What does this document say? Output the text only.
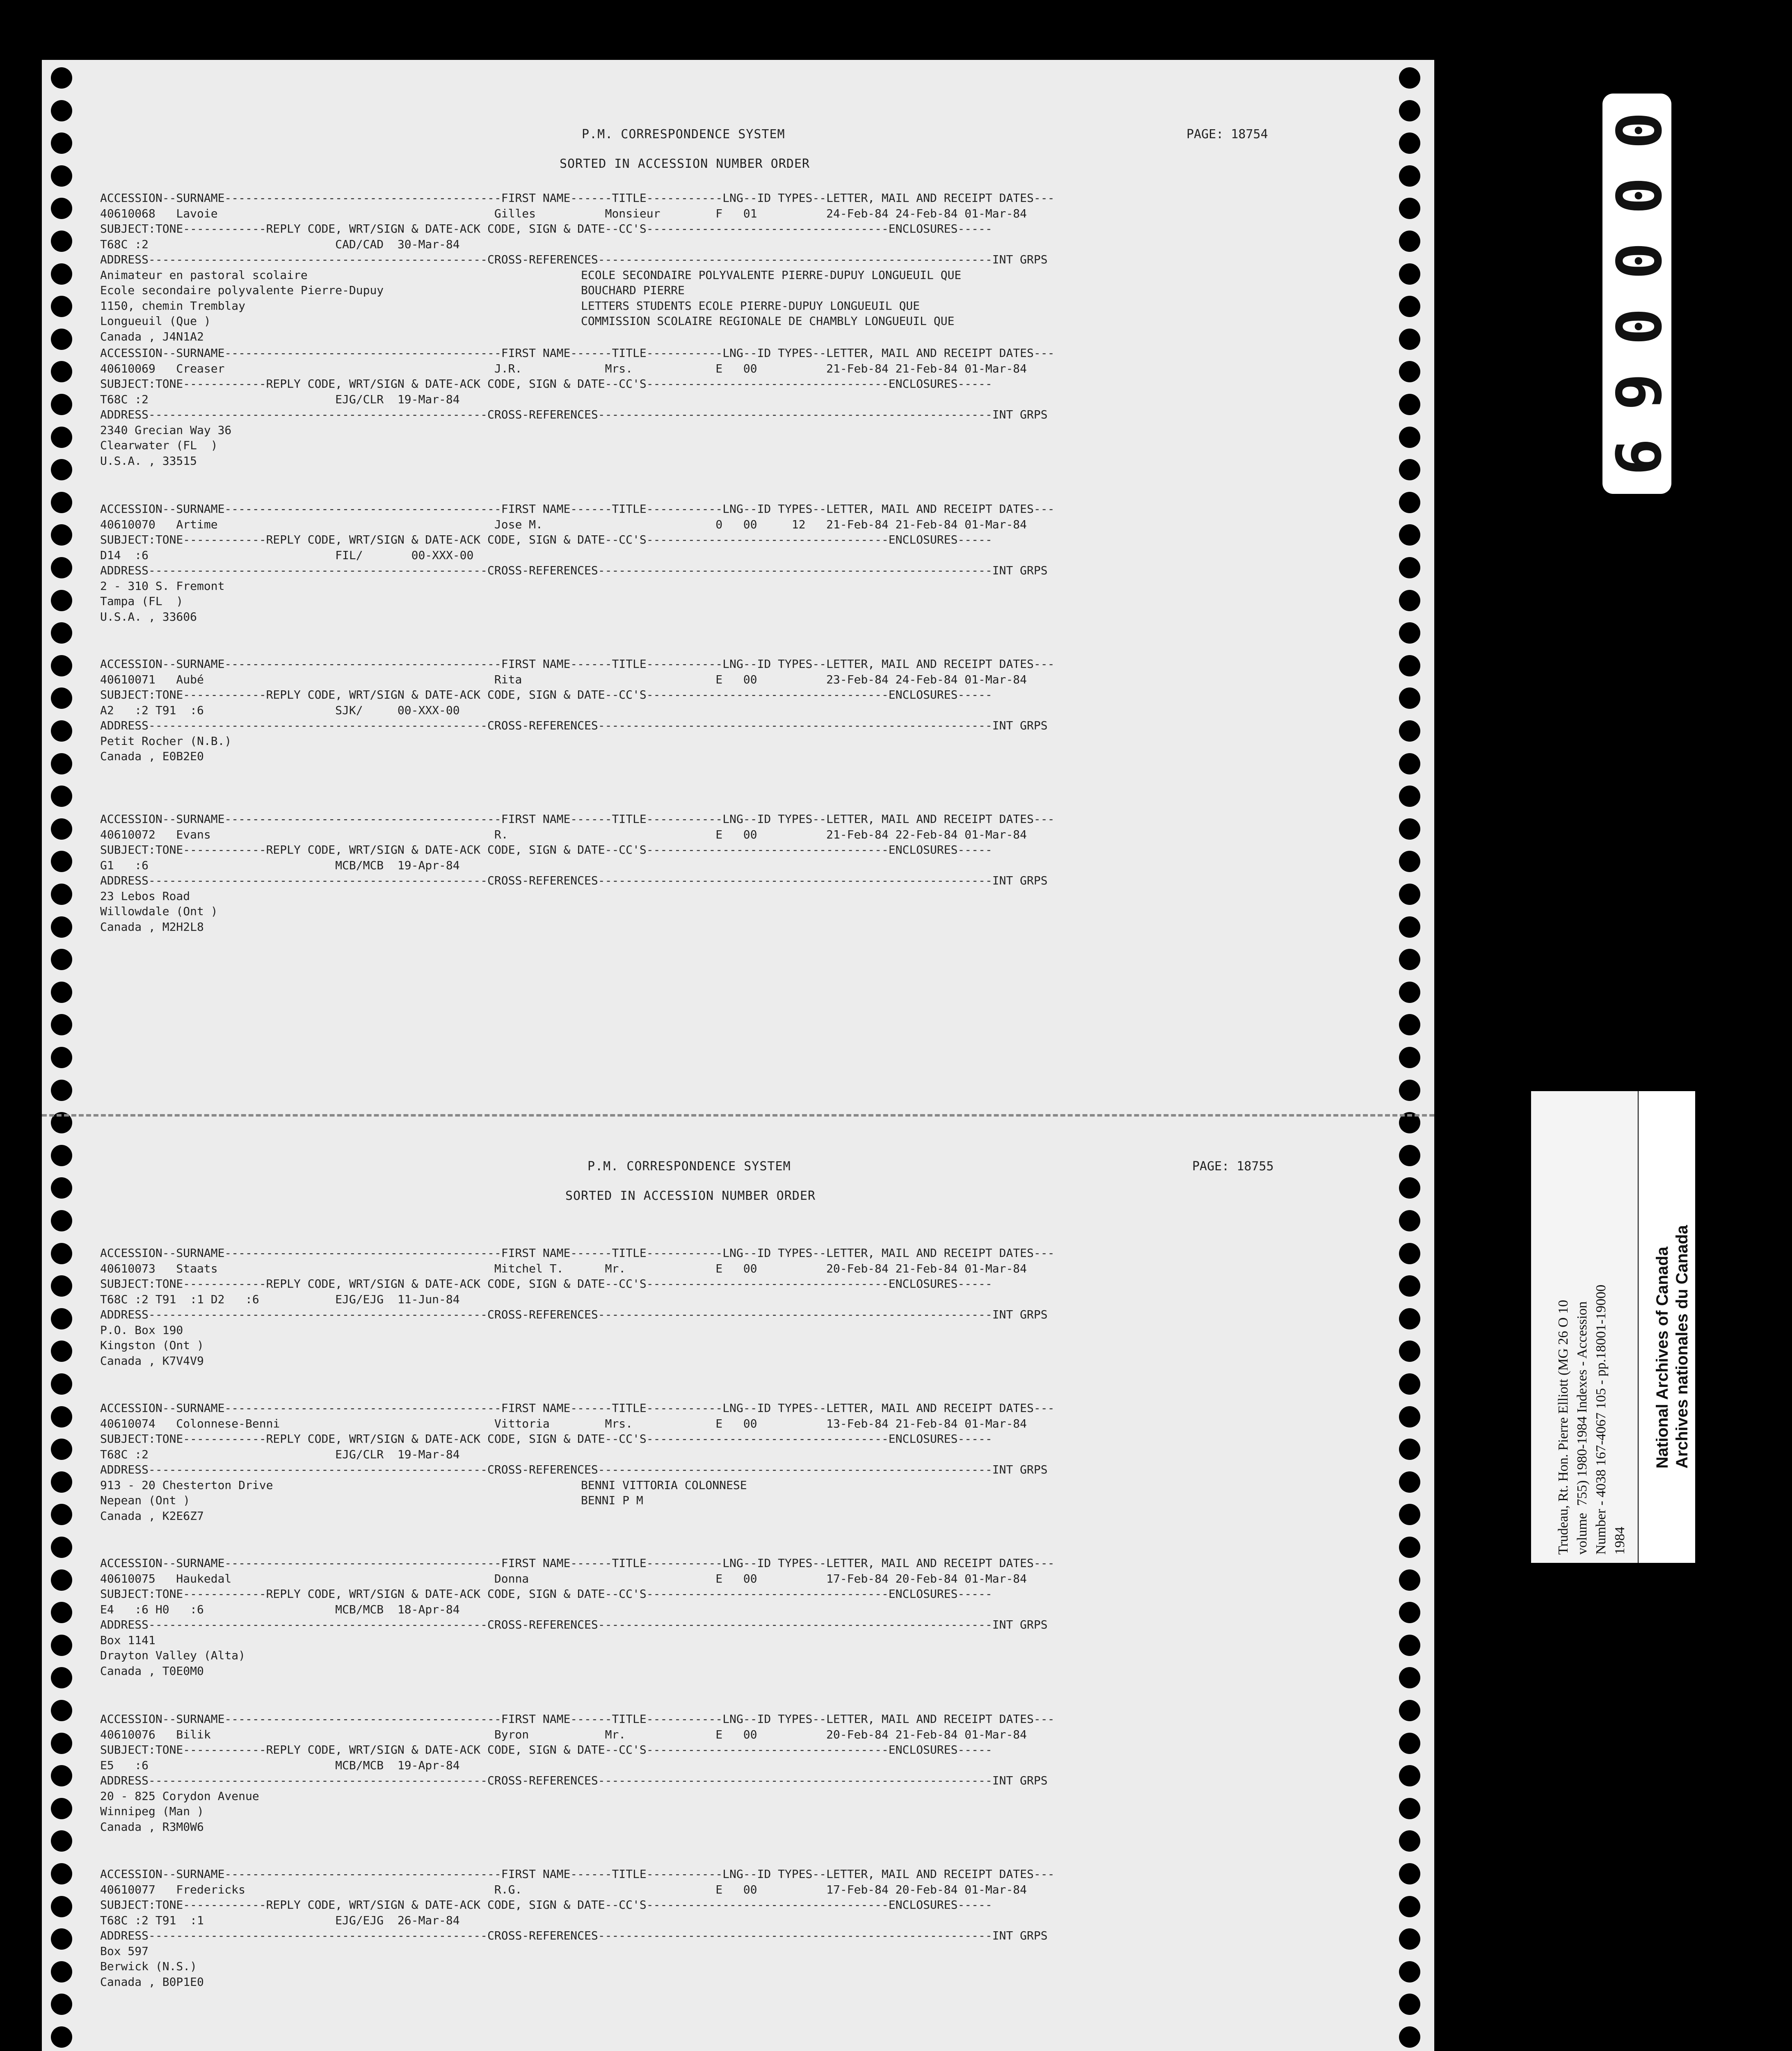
P.M. CORRESPONDENCE SYSTEM	PAGE: 18754
SORTED IN ACCESSION NUMBER ORDER
ACCESSION--SURNAME----------------------------------------FIRST NAME------TITLE-----------LNG--ID TYPES--LETTER, MAIL AND RECEIPT DATES---
40610068   Lavoie                                        Gilles          Monsieur        F   01          24-Feb-84 24-Feb-84 01-Mar-84
SUBJECT:TONE------------REPLY CODE, WRT/SIGN & DATE-ACK CODE, SIGN & DATE--CC'S-----------------------------------ENCLOSURES-----
T68C :2                           CAD/CAD  30-Mar-84
ADDRESS-------------------------------------------------CROSS-REFERENCES---------------------------------------------------------INT GRPS
Animateur en pastoral scolaire
Ecole secondaire polyvalente Pierre-Dupuy
1150, chemin Tremblay
Longueuil (Que )
Canada , J4N1A2
ECOLE SECONDAIRE POLYVALENTE PIERRE-DUPUY LONGUEUIL QUE
BOUCHARD PIERRE
LETTERS STUDENTS ECOLE PIERRE-DUPUY LONGUEUIL QUE
COMMISSION SCOLAIRE REGIONALE DE CHAMBLY LONGUEUIL QUE
ACCESSION--SURNAME----------------------------------------FIRST NAME------TITLE-----------LNG--ID TYPES--LETTER, MAIL AND RECEIPT DATES---
40610069   Creaser                                       J.R.            Mrs.            E   00          21-Feb-84 21-Feb-84 01-Mar-84
SUBJECT:TONE------------REPLY CODE, WRT/SIGN & DATE-ACK CODE, SIGN & DATE--CC'S-----------------------------------ENCLOSURES-----
T68C :2                           EJG/CLR  19-Mar-84
ADDRESS-------------------------------------------------CROSS-REFERENCES---------------------------------------------------------INT GRPS
2340 Grecian Way 36
Clearwater (FL  )
U.S.A. , 33515
ACCESSION--SURNAME----------------------------------------FIRST NAME------TITLE-----------LNG--ID TYPES--LETTER, MAIL AND RECEIPT DATES---
40610070   Artime                                        Jose M.                         0   00     12   21-Feb-84 21-Feb-84 01-Mar-84
SUBJECT:TONE------------REPLY CODE, WRT/SIGN & DATE-ACK CODE, SIGN & DATE--CC'S-----------------------------------ENCLOSURES-----
D14  :6                           FIL/       00-XXX-00
ADDRESS-------------------------------------------------CROSS-REFERENCES---------------------------------------------------------INT GRPS
2 - 310 S. Fremont
Tampa (FL  )
U.S.A. , 33606
ACCESSION--SURNAME----------------------------------------FIRST NAME------TITLE-----------LNG--ID TYPES--LETTER, MAIL AND RECEIPT DATES---
40610071   Aubé                                          Rita                            E   00          23-Feb-84 24-Feb-84 01-Mar-84
SUBJECT:TONE------------REPLY CODE, WRT/SIGN & DATE-ACK CODE, SIGN & DATE--CC'S-----------------------------------ENCLOSURES-----
A2   :2 T91  :6                   SJK/     00-XXX-00
ADDRESS-------------------------------------------------CROSS-REFERENCES---------------------------------------------------------INT GRPS
Petit Rocher (N.B.)
Canada , E0B2E0
ACCESSION--SURNAME----------------------------------------FIRST NAME------TITLE-----------LNG--ID TYPES--LETTER, MAIL AND RECEIPT DATES---
40610072   Evans                                         R.                              E   00          21-Feb-84 22-Feb-84 01-Mar-84
SUBJECT:TONE------------REPLY CODE, WRT/SIGN & DATE-ACK CODE, SIGN & DATE--CC'S-----------------------------------ENCLOSURES-----
G1   :6                           MCB/MCB  19-Apr-84
ADDRESS-------------------------------------------------CROSS-REFERENCES---------------------------------------------------------INT GRPS
23 Lebos Road
Willowdale (Ont )
Canada , M2H2L8
P.M. CORRESPONDENCE SYSTEM	PAGE: 18755
SORTED IN ACCESSION NUMBER ORDER
ACCESSION--SURNAME----------------------------------------FIRST NAME------TITLE-----------LNG--ID TYPES--LETTER, MAIL AND RECEIPT DATES---
40610073   Staats                                        Mitchel T.      Mr.             E   00          20-Feb-84 21-Feb-84 01-Mar-84
SUBJECT:TONE------------REPLY CODE, WRT/SIGN & DATE-ACK CODE, SIGN & DATE--CC'S-----------------------------------ENCLOSURES-----
T68C :2 T91  :1 D2   :6           EJG/EJG  11-Jun-84
ADDRESS-------------------------------------------------CROSS-REFERENCES---------------------------------------------------------INT GRPS
P.O. Box 190
Kingston (Ont )
Canada , K7V4V9
ACCESSION--SURNAME----------------------------------------FIRST NAME------TITLE-----------LNG--ID TYPES--LETTER, MAIL AND RECEIPT DATES---
40610074   Colonnese-Benni                               Vittoria        Mrs.            E   00          13-Feb-84 21-Feb-84 01-Mar-84
SUBJECT:TONE------------REPLY CODE, WRT/SIGN & DATE-ACK CODE, SIGN & DATE--CC'S-----------------------------------ENCLOSURES-----
T68C :2                           EJG/CLR  19-Mar-84
ADDRESS-------------------------------------------------CROSS-REFERENCES---------------------------------------------------------INT GRPS
913 - 20 Chesterton Drive
Nepean (Ont )
Canada , K2E6Z7
BENNI VITTORIA COLONNESE
BENNI P M
ACCESSION--SURNAME----------------------------------------FIRST NAME------TITLE-----------LNG--ID TYPES--LETTER, MAIL AND RECEIPT DATES---
40610075   Haukedal                                      Donna                           E   00          17-Feb-84 20-Feb-84 01-Mar-84
SUBJECT:TONE------------REPLY CODE, WRT/SIGN & DATE-ACK CODE, SIGN & DATE--CC'S-----------------------------------ENCLOSURES-----
E4   :6 H0   :6                   MCB/MCB  18-Apr-84
ADDRESS-------------------------------------------------CROSS-REFERENCES---------------------------------------------------------INT GRPS
Box 1141
Drayton Valley (Alta)
Canada , T0E0M0
ACCESSION--SURNAME----------------------------------------FIRST NAME------TITLE-----------LNG--ID TYPES--LETTER, MAIL AND RECEIPT DATES---
40610076   Bilik                                         Byron           Mr.             E   00          20-Feb-84 21-Feb-84 01-Mar-84
SUBJECT:TONE------------REPLY CODE, WRT/SIGN & DATE-ACK CODE, SIGN & DATE--CC'S-----------------------------------ENCLOSURES-----
E5   :6                           MCB/MCB  19-Apr-84
ADDRESS-------------------------------------------------CROSS-REFERENCES---------------------------------------------------------INT GRPS
20 - 825 Corydon Avenue
Winnipeg (Man )
Canada , R3M0W6
ACCESSION--SURNAME----------------------------------------FIRST NAME------TITLE-----------LNG--ID TYPES--LETTER, MAIL AND RECEIPT DATES---
40610077   Fredericks                                    R.G.                            E   00          17-Feb-84 20-Feb-84 01-Mar-84
SUBJECT:TONE------------REPLY CODE, WRT/SIGN & DATE-ACK CODE, SIGN & DATE--CC'S-----------------------------------ENCLOSURES-----
T68C :2 T91  :1                   EJG/EJG  26-Mar-84
ADDRESS-------------------------------------------------CROSS-REFERENCES---------------------------------------------------------INT GRPS
Box 597
Berwick (N.S.)
Canada , B0P1E0
0
0
0
0
6
9
Trudeau, Rt. Hon. Pierre Elliott (MG 26 O 10 volume  755) 1980-1984 Indexes - Accession Number - 4038 167-4067 105 - pp.18001-19000 1984
National Archives of Canada Archives nationales du Canada
